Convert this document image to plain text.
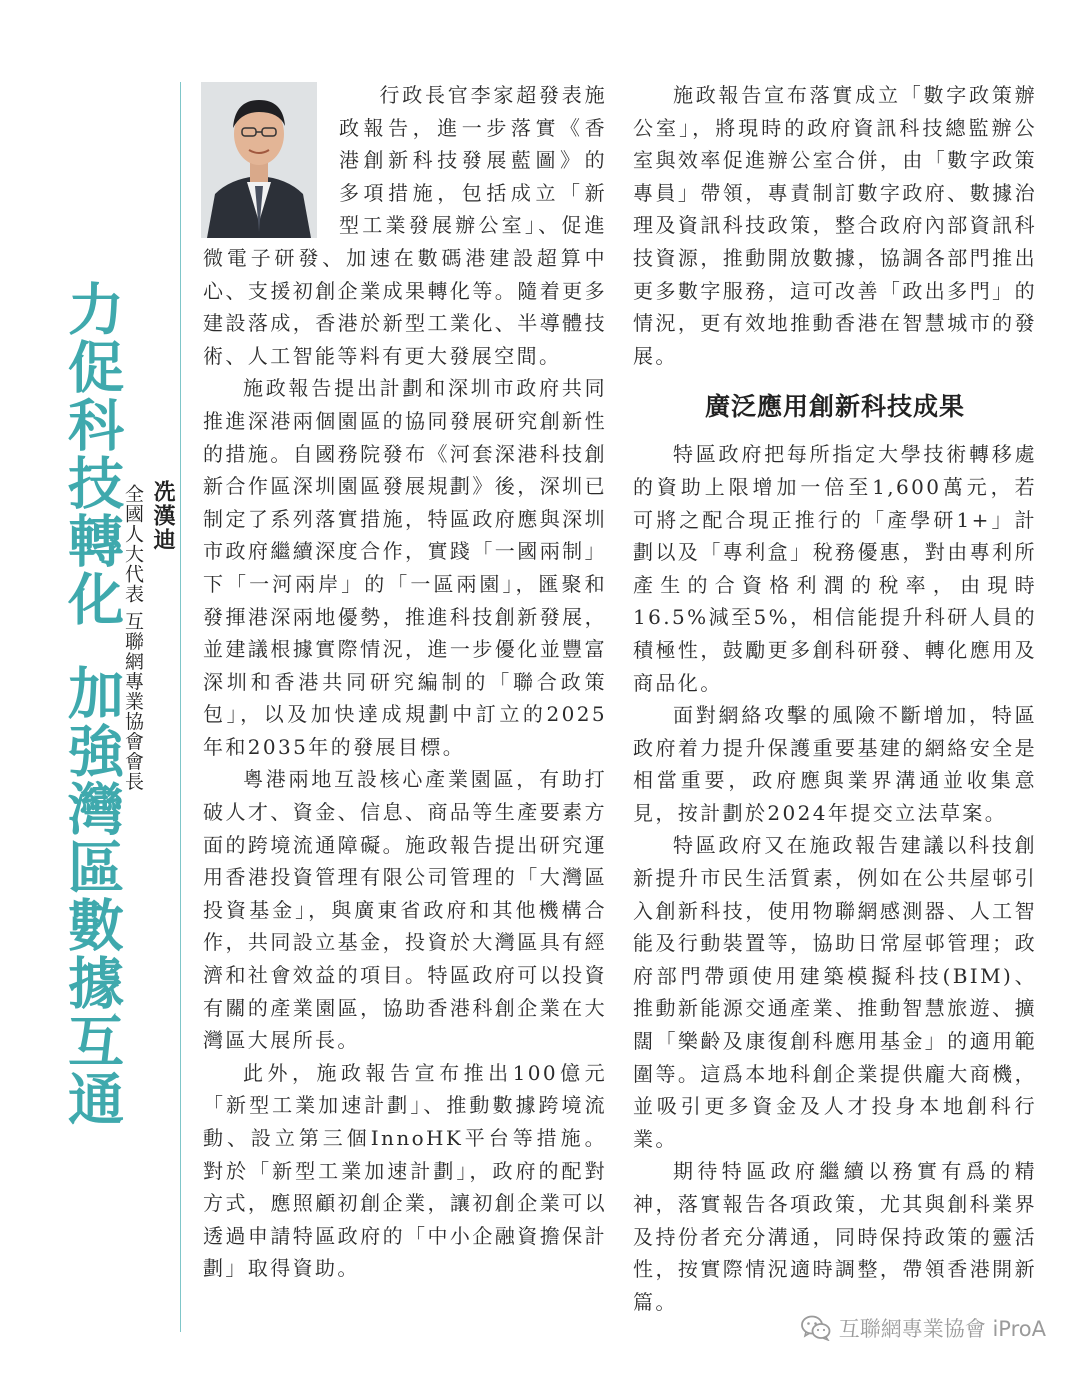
力促科技轉化加強灣區數據互通
冼漢迪
全國人大代表 互聯網專業協會會長

行政長官李家超發表施政報告，進一步落實《香港創新科技發展藍圖》的多項措施，包括成立「新型工業發展辦公室」、促進微電子研發、加速在數碼港建設超算中心、支援初創企業成果轉化等。隨着更多建設落成，香港於新型工業化、半導體技術、人工智能等料有更大發展空間。

施政報告提出計劃和深圳市政府共同推進深港兩個園區的協同發展研究創新性的措施。自國務院發布《河套深港科技創新合作區深圳園區發展規劃》後，深圳已制定了系列落實措施，特區政府應與深圳市政府繼續深度合作，實踐「一國兩制」下「一河兩岸」的「一區兩園」，匯聚和發揮港深兩地優勢，推進科技創新發展，並建議根據實際情況，進一步優化並豐富深圳和香港共同研究編制的「聯合政策包」，以及加快達成規劃中訂立的2025年和2035年的發展目標。

粵港兩地互設核心產業園區，有助打破人才、資金、信息、商品等生產要素方面的跨境流通障礙。施政報告提出研究運用香港投資管理有限公司管理的「大灣區投資基金」，與廣東省政府和其他機構合作，共同設立基金，投資於大灣區具有經濟和社會效益的項目。特區政府可以投資有關的產業園區，協助香港科創企業在大灣區大展所長。

此外，施政報告宣布推出100億元「新型工業加速計劃」、推動數據跨境流動、設立第三個InnoHK平台等措施。對於「新型工業加速計劃」，政府的配對方式，應照顧初創企業，讓初創企業可以透過申請特區政府的「中小企融資擔保計劃」取得資助。

施政報告宣布落實成立「數字政策辦公室」，將現時的政府資訊科技總監辦公室與效率促進辦公室合併，由「數字政策專員」帶領，專責制訂數字政府、數據治理及資訊科技政策，整合政府內部資訊科技資源，推動開放數據，協調各部門推出更多數字服務，這可改善「政出多門」的情況，更有效地推動香港在智慧城市的發展。

廣泛應用創新科技成果

特區政府把每所指定大學技術轉移處的資助上限增加一倍至1,600萬元，若可將之配合現正推行的「產學研1+」計劃以及「專利盒」稅務優惠，對由專利所產生的合資格利潤的稅率，由現時16.5%減至5%，相信能提升科研人員的積極性，鼓勵更多創科研發、轉化應用及商品化。

面對網絡攻擊的風險不斷增加，特區政府着力提升保護重要基建的網絡安全是相當重要，政府應與業界溝通並收集意見，按計劃於2024年提交立法草案。

特區政府又在施政報告建議以科技創新提升市民生活質素，例如在公共屋邨引入創新科技，使用物聯網感測器、人工智能及行動裝置等，協助日常屋邨管理；政府部門帶頭使用建築模擬科技(BIM)、推動新能源交通產業、推動智慧旅遊、擴闊「樂齡及康復創科應用基金」的適用範圍等。這爲本地科創企業提供龐大商機，並吸引更多資金及人才投身本地創科行業。

期待特區政府繼續以務實有爲的精神，落實報告各項政策，尤其與創科業界及持份者充分溝通，同時保持政策的靈活性，按實際情況適時調整，帶領香港開新篇。

互聯網專業協會 iProA
